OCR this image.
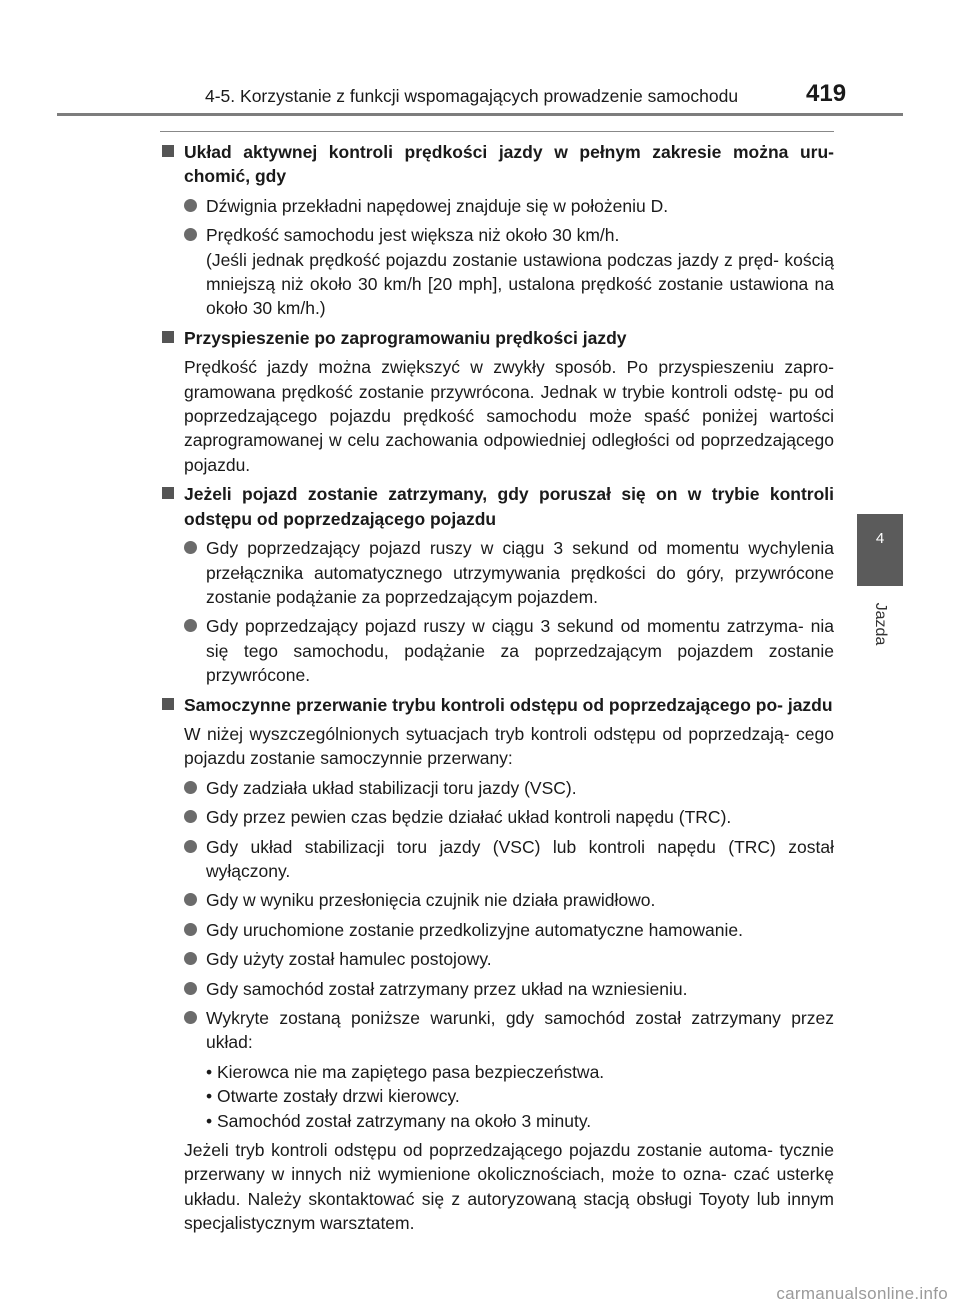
4-5. Korzystanie z funkcji wspomagających prowadzenie samochodu	419
4
Jazda
Układ aktywnej kontroli prędkości jazdy w pełnym zakresie można uru- chomić, gdy
Dźwignia przekładni napędowej znajduje się w położeniu D.
Prędkość samochodu jest większa niż około 30 km/h.
(Jeśli jednak prędkość pojazdu zostanie ustawiona podczas jazdy z pręd- kością mniejszą niż około 30 km/h [20 mph], ustalona prędkość zostanie ustawiona na około 30 km/h.)
Przyspieszenie po zaprogramowaniu prędkości jazdy
Prędkość jazdy można zwiększyć w zwykły sposób. Po przyspieszeniu zapro- gramowana prędkość zostanie przywrócona. Jednak w trybie kontroli odstę- pu od poprzedzającego pojazdu prędkość samochodu może spaść poniżej wartości zaprogramowanej w celu zachowania odpowiedniej odległości od poprzedzającego pojazdu.
Jeżeli pojazd zostanie zatrzymany, gdy poruszał się on w trybie kontroli odstępu od poprzedzającego pojazdu
Gdy poprzedzający pojazd ruszy w ciągu 3 sekund od momentu wychylenia przełącznika automatycznego utrzymywania prędkości do góry, przywrócone zostanie podążanie za poprzedzającym pojazdem.
Gdy poprzedzający pojazd ruszy w ciągu 3 sekund od momentu zatrzyma- nia się tego samochodu, podążanie za poprzedzającym pojazdem zostanie przywrócone.
Samoczynne przerwanie trybu kontroli odstępu od poprzedzającego po- jazdu
W niżej wyszczególnionych sytuacjach tryb kontroli odstępu od poprzedzają- cego pojazdu zostanie samoczynnie przerwany:
Gdy zadziała układ stabilizacji toru jazdy (VSC).
Gdy przez pewien czas będzie działać układ kontroli napędu (TRC).
Gdy układ stabilizacji toru jazdy (VSC) lub kontroli napędu (TRC) został wyłączony.
Gdy w wyniku przesłonięcia czujnik nie działa prawidłowo.
Gdy uruchomione zostanie przedkolizyjne automatyczne hamowanie.
Gdy użyty został hamulec postojowy.
Gdy samochód został zatrzymany przez układ na wzniesieniu.
Wykryte zostaną poniższe warunki, gdy samochód został zatrzymany przez układ:
• Kierowca nie ma zapiętego pasa bezpieczeństwa.
• Otwarte zostały drzwi kierowcy.
• Samochód został zatrzymany na około 3 minuty.
Jeżeli tryb kontroli odstępu od poprzedzającego pojazdu zostanie automa- tycznie przerwany w innych niż wymienione okolicznościach, może to ozna- czać usterkę układu. Należy skontaktować się z autoryzowaną stacją obsługi Toyoty lub innym specjalistycznym warsztatem.
carmanualsonline.info
